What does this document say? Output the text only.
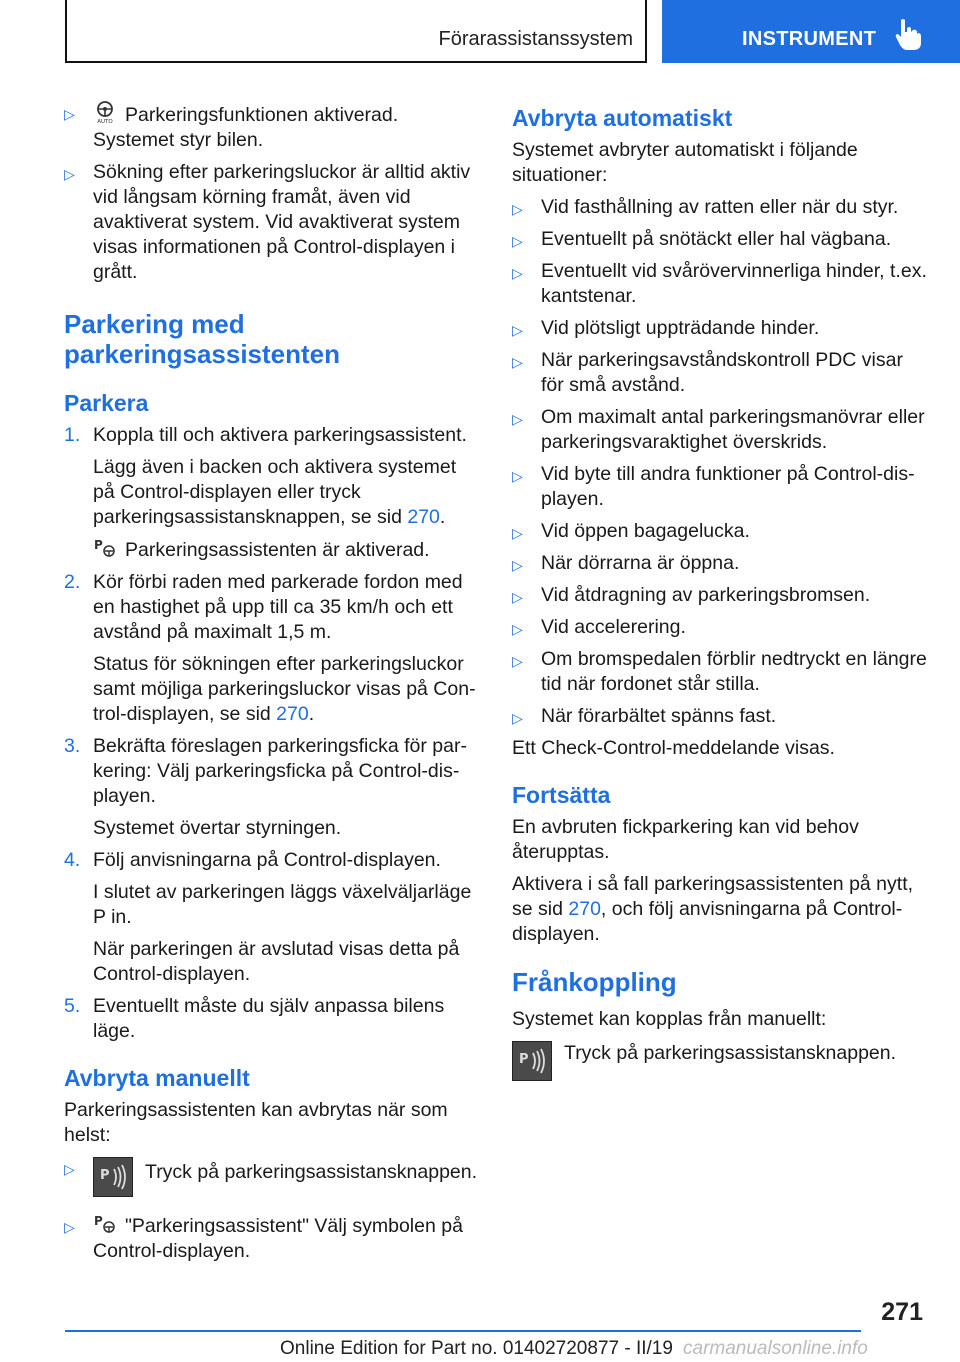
Förarassistanssystem	INSTRUMENT
▷	AUTO Parkeringsfunktionen aktiverad. Systemet styr bilen.
▷ Sökning efter parkeringsluckor är alltid aktiv vid långsam körning framåt, även vid avaktiverat system. Vid avaktiverat system visas informationen på Control-displayen i grått.
Parkering med parkeringsassistenten
Parkera
1. Koppla till och aktivera parkeringsassistent.

Lägg även i backen och aktivera systemet på Control-displayen eller tryck parkeringsassistansknappen, se sid 270.

P Parkeringsassistenten är aktiverad.

2. Kör förbi raden med parkerade fordon med en hastighet på upp till ca 35 km/h och ett avstånd på maximalt 1,5 m.

Status för sökningen efter parkeringsluckor samt möjliga parkeringsluckor visas på Control-displayen, se sid 270.

3. Bekräfta föreslagen parkeringsficka för parkering: Välj parkeringsficka på Control-displayen.

Systemet övertar styrningen.

4. Följ anvisningarna på Control-displayen.

I slutet av parkeringen läggs växelväljarläge P in.

När parkeringen är avslutad visas detta på Control-displayen.

5. Eventuellt måste du själv anpassa bilens läge.
Avbryta manuellt

Parkeringsassistenten kan avbrytas när som helst:

▷ P	Tryck på parkeringsassistansknappen.
▷ P "Parkeringsassistent" Välj symbolen på Control-displayen.
Avbryta automatiskt

Systemet avbryter automatiskt i följande situationer:

▷ Vid fasthållning av ratten eller när du styr.
▷ Eventuellt på snötäckt eller hal vägbana.
▷ Eventuellt vid svårövervinnerliga hinder, t.ex. kantstenar.
▷ Vid plötsligt uppträdande hinder.
▷ När parkeringsavståndskontroll PDC visar för små avstånd.
▷ Om maximalt antal parkeringsmanövrar eller parkeringsvaraktighet överskrids.
▷ Vid byte till andra funktioner på Control-displayen.
▷ Vid öppen bagagelucka.
▷ När dörrarna är öppna.
▷ Vid åtdragning av parkeringsbromsen.
▷ Vid accelerering.
▷ Om bromspedalen förblir nedtryckt en längre tid när fordonet står stilla.
▷ När förarbältet spänns fast.

Ett Check-Control-meddelande visas.

Fortsätta

En avbruten fickparkering kan vid behov återupptas.

Aktivera i så fall parkeringsassistenten på nytt, se sid 270, och följ anvisningarna på Control-displayen.

Frånkoppling

Systemet kan kopplas från manuellt:

P	Tryck på parkeringsassistansknappen.
271
Online Edition for Part no. 01402720877 - II/19 carmanualsonline.info
